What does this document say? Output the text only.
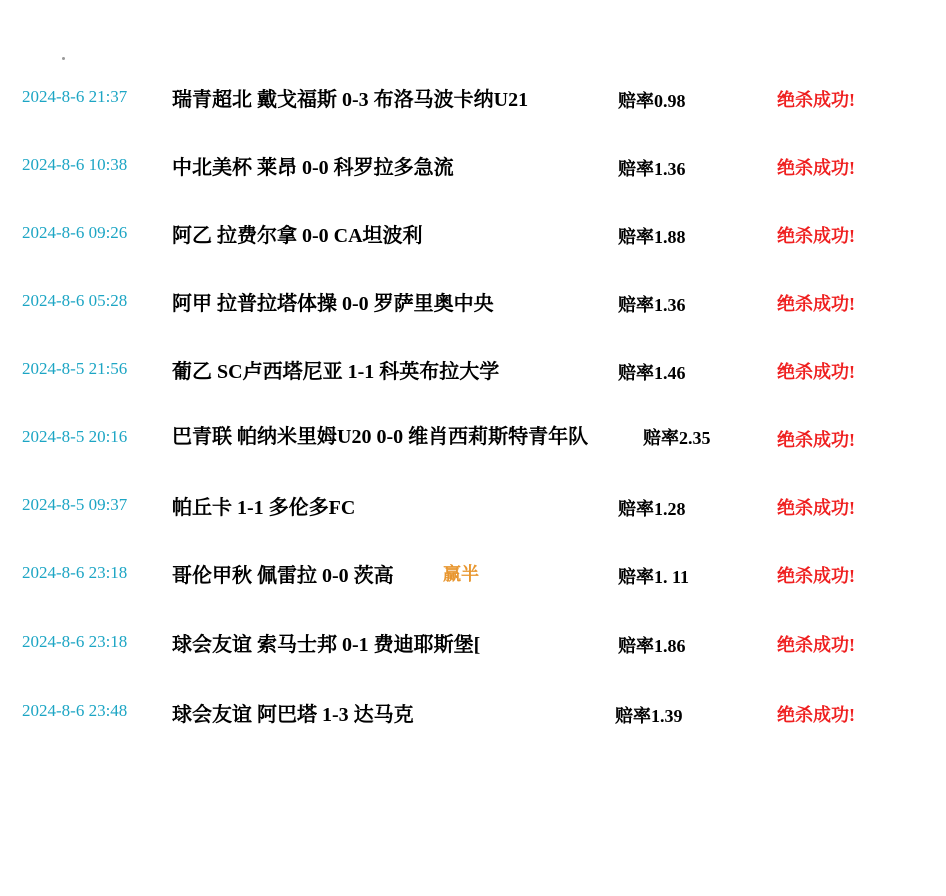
2024-8-6 21:37 瑞青超北 戴戈福斯 0-3 布洛马波卡纳U21	赔率0.98	绝杀成功!
2024-8-6 10:38 中北美杯 莱昂 0-0 科罗拉多急流	赔率1.36	绝杀成功!
2024-8-6 09:26 阿乙 拉费尔拿 0-0 CA坦波利	赔率1.88	绝杀成功!
2024-8-6 05:28 阿甲 拉普拉塔体操 0-0 罗萨里奥中央	赔率1.36	绝杀成功!
2024-8-5 21:56 葡乙 SC卢西塔尼亚 1-1 科英布拉大学	赔率1.46	绝杀成功!
2024-8-5 20:16 巴青联 帕纳米里姆U20 0-0 维肖西莉斯特青年队	赔率2.35	绝杀成功!
2024-8-5 09:37 帕丘卡 1-1 多伦多FC	赔率1.28	绝杀成功!
2024-8-6 23:18 哥伦甲秋 佩雷拉 0-0 茨高	赢半	赔率1. 11	绝杀成功!
2024-8-6 23:18 球会友谊 索马士邦 0-1 费迪耶斯堡[	赔率1.86	绝杀成功!
2024-8-6 23:48 球会友谊 阿巴塔 1-3 达马克	赔率1.39	绝杀成功!
